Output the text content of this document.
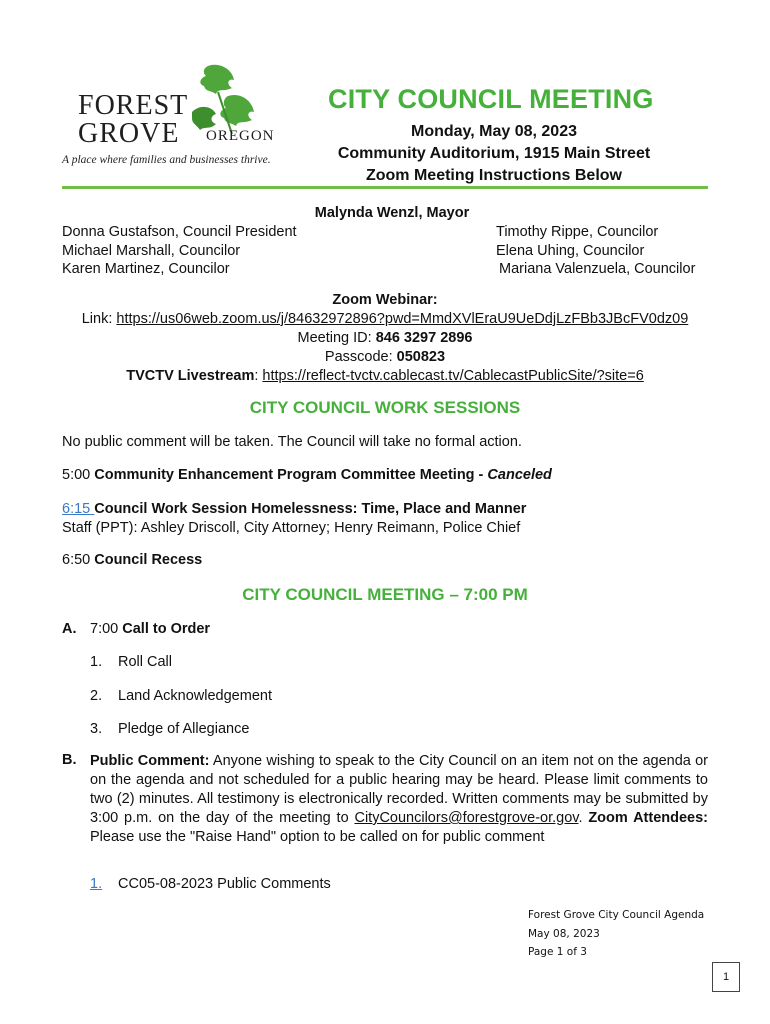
FOREST
GROVE OREGON
A place where families and businesses thrive.
CITY COUNCIL MEETING
Monday, May 08, 2023
Community Auditorium, 1915 Main Street
Zoom Meeting Instructions Below
Malynda Wenzl, Mayor
Donna Gustafson, Council President
Michael Marshall, Councilor
Karen Martinez, Councilor
Timothy Rippe, Councilor
Elena Uhing, Councilor
Mariana Valenzuela, Councilor
Zoom Webinar:
Link: https://us06web.zoom.us/j/84632972896?pwd=MmdXVlEraU9UeDdjLzFBb3JBcFV0dz09
Meeting ID: 846 3297 2896
Passcode: 050823
TVCTV Livestream: https://reflect-tvctv.cablecast.tv/CablecastPublicSite/?site=6
CITY COUNCIL WORK SESSIONS
No public comment will be taken. The Council will take no formal action.
5:00 Community Enhancement Program Committee Meeting - Canceled
6:15 Council Work Session Homelessness: Time, Place and Manner
Staff (PPT): Ashley Driscoll, City Attorney; Henry Reimann, Police Chief
6:50 Council Recess
CITY COUNCIL MEETING – 7:00 PM
A. 7:00 Call to Order
1. Roll Call
2. Land Acknowledgement
3. Pledge of Allegiance
B. Public Comment: Anyone wishing to speak to the City Council on an item not on the agenda or on the agenda and not scheduled for a public hearing may be heard. Please limit comments to two (2) minutes. All testimony is electronically recorded. Written comments may be submitted by 3:00 p.m. on the day of the meeting to CityCouncilors@forestgrove-or.gov. Zoom Attendees: Please use the "Raise Hand" option to be called on for public comment
1. CC05-08-2023 Public Comments
Forest Grove City Council Agenda
May 08, 2023
Page 1 of 3
1
